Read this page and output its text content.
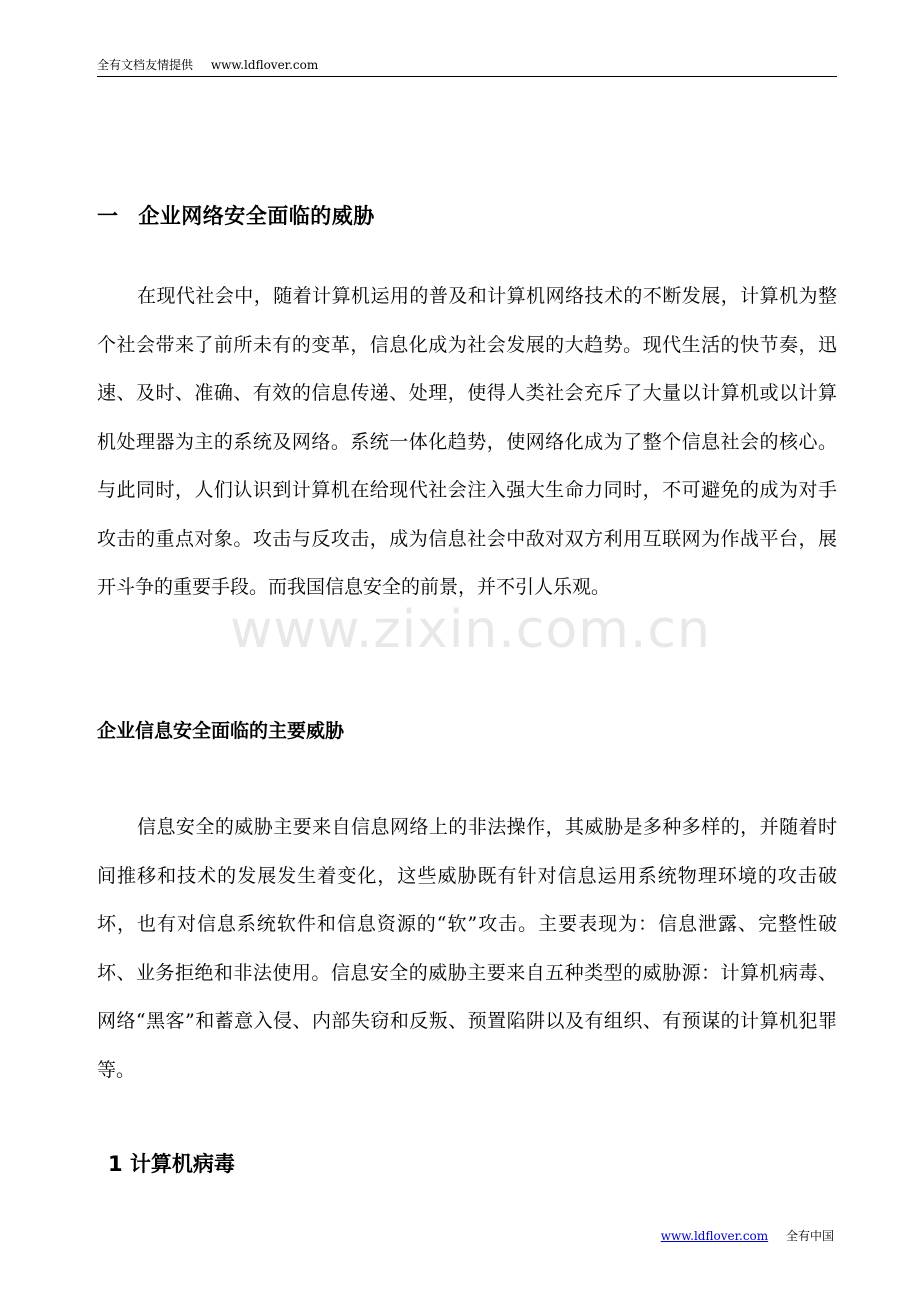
全有文档友情提供 www.ldflover.com
一 企业网络安全面临的威胁

在现代社会中，随着计算机运用的普及和计算机网络技术的不断发展，计算机为整个社会带来了前所未有的变革，信息化成为社会发展的大趋势。现代生活的快节奏，迅速、及时、准确、有效的信息传递、处理，使得人类社会充斥了大量以计算机或以计算机处理器为主的系统及网络。系统一体化趋势，使网络化成为了整个信息社会的核心。与此同时，人们认识到计算机在给现代社会注入强大生命力同时，不可避免的成为对手攻击的重点对象。攻击与反攻击，成为信息社会中敌对双方利用互联网为作战平台，展开斗争的重要手段。而我国信息安全的前景，并不引人乐观。

www.zixin.com.cn
企业信息安全面临的主要威胁

信息安全的威胁主要来自信息网络上的非法操作，其威胁是多种多样的，并随着时间推移和技术的发展发生着变化，这些威胁既有针对信息运用系统物理环境的攻击破坏，也有对信息系统软件和信息资源的“软”攻击。主要表现为：信息泄露、完整性破坏、业务拒绝和非法使用。信息安全的威胁主要来自五种类型的威胁源：计算机病毒、网络“黑客”和蓄意入侵、内部失窃和反叛、预置陷阱以及有组织、有预谋的计算机犯罪等。

1 计算机病毒
www.ldflover.com 全有中国
